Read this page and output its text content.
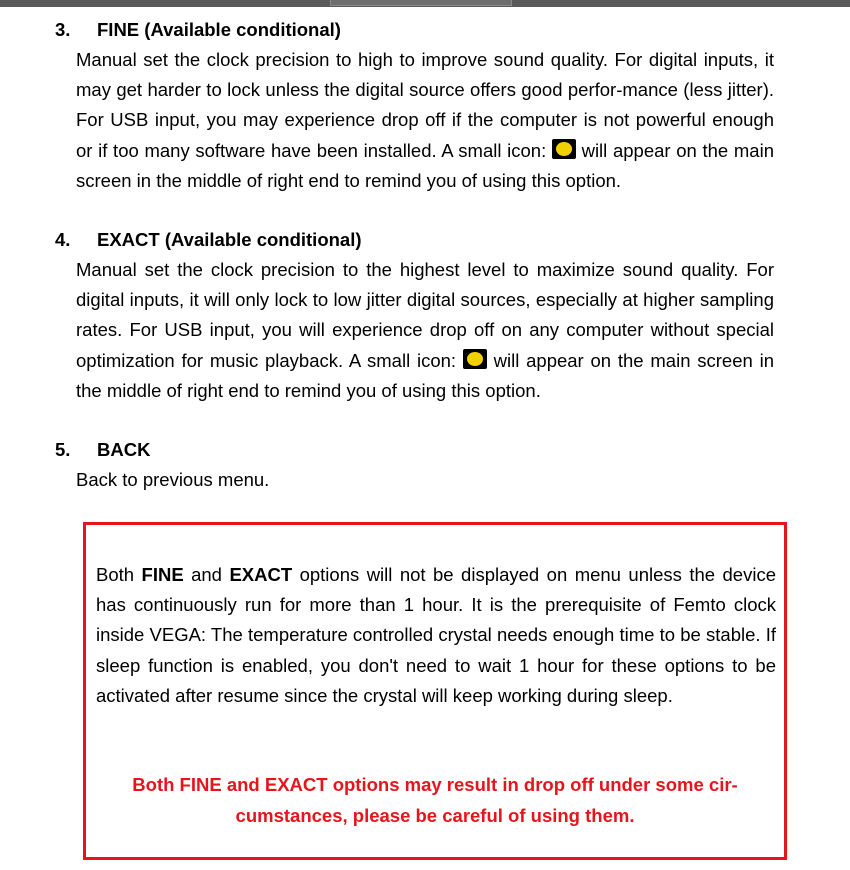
3. FINE (Available conditional)
Manual set the clock precision to high to improve sound quality. For digital inputs, it may get harder to lock unless the digital source offers good perfor-mance (less jitter). For USB input, you may experience drop off if the computer is not powerful enough or if too many software have been installed. A small icon:  will appear on the main screen in the middle of right end to remind you of using this option.
4. EXACT (Available conditional)
Manual set the clock precision to the highest level to maximize sound quality. For digital inputs, it will only lock to low jitter digital sources, especially at higher sampling rates. For USB input, you will experience drop off on any computer without special optimization for music playback. A small icon:  will appear on the main screen in the middle of right end to remind you of using this option.
5. BACK
Back to previous menu.
Both FINE and EXACT options will not be displayed on menu unless the device has continuously run for more than 1 hour. It is the prerequisite of Femto clock inside VEGA: The temperature controlled crystal needs enough time to be stable. If sleep function is enabled, you don't need to wait 1 hour for these options to be activated after resume since the crystal will keep working during sleep.
Both FINE and EXACT options may result in drop off under some cir-cumstances, please be careful of using them.
